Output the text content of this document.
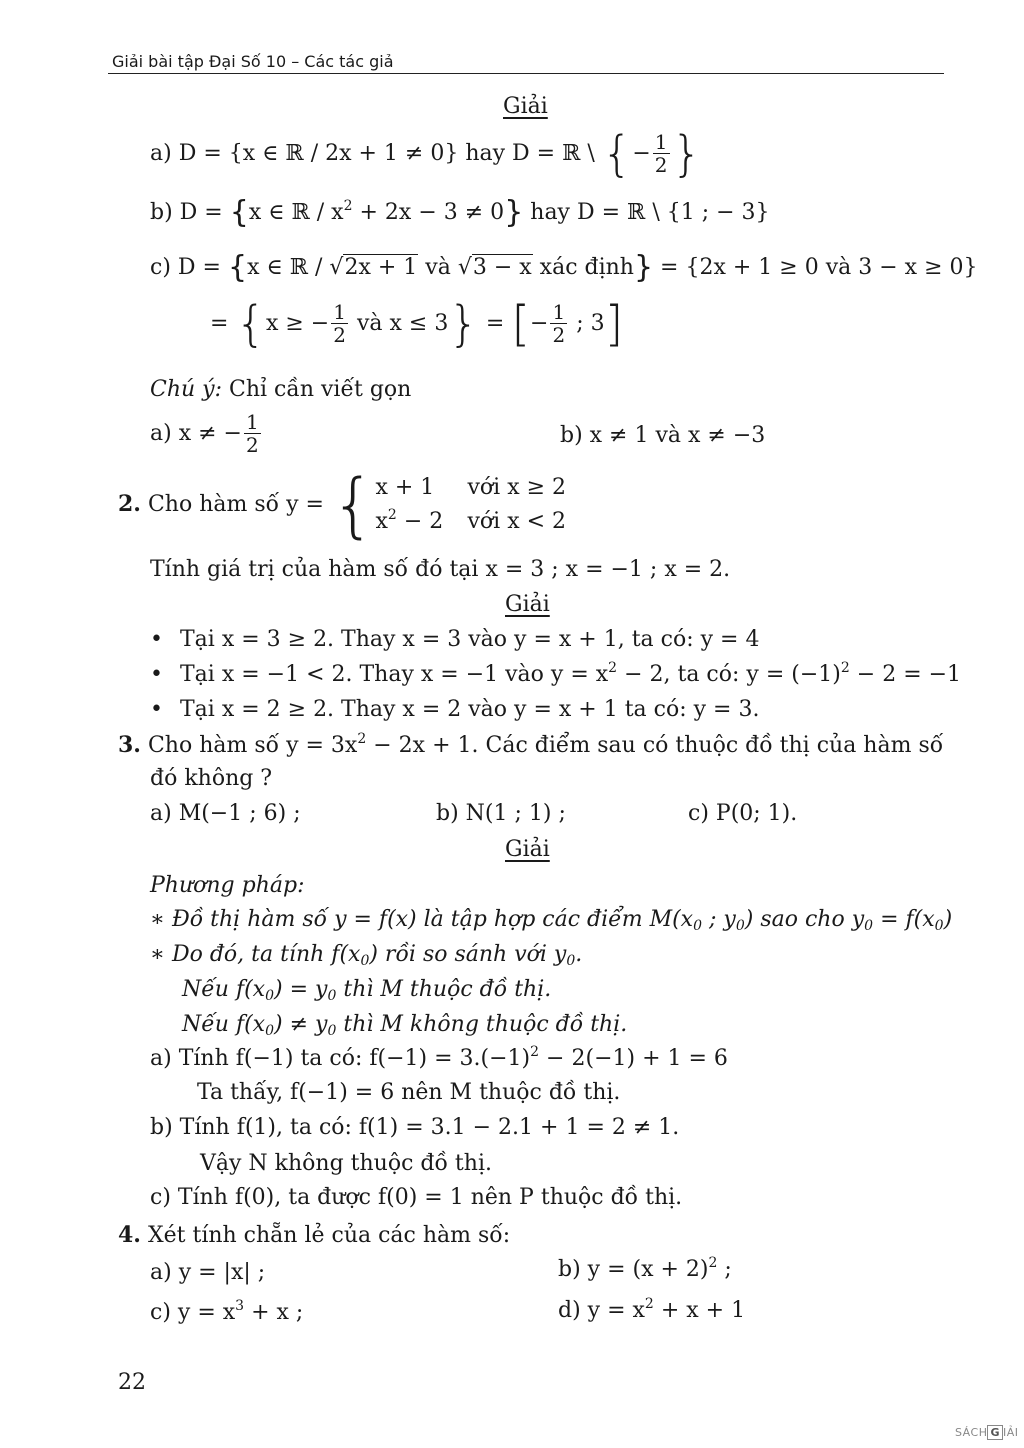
Giải bài tập Đại Số 10 – Các tác giả
Giải
a) D = {x ∈ ℝ / 2x + 1 ≠ 0} hay D = ℝ \ {− $\frac{1}{2}$ }
b) D = {x ∈ ℝ / $x^2 + 2x - 3 \ne 0$} hay D = ℝ \ {1 ; − 3}
c) D = {x ∈ ℝ / √2x + 1 và √3 − x xác định} = {2x + 1 ≥ 0 và 3 − x ≥ 0}
= {x ≥ − $\frac{1}{2}$ và x ≤ 3} = [− $\frac{1}{2}$ ; 3]
Chú ý: Chỉ cần viết gọn
a) x ≠ − $\frac{1}{2}$	b) x ≠ 1 và x ≠ −3
2. Cho hàm số y = {x + 1 với x ≥ 2
$x^2 - 2$ với x < 2
Tính giá trị của hàm số đó tại x = 3 ; x = −1 ; x = 2.
Giải
• Tại x = 3 ≥ 2. Thay x = 3 vào y = x + 1, ta có: y = 4
• Tại x = −1 < 2. Thay x = −1 vào $y = x^2 - 2$, ta có: $y = (-1)^2 - 2 = -1$
• Tại x = 2 ≥ 2. Thay x = 2 vào y = x + 1 ta có: y = 3.
3. Cho hàm số $y = 3x^2 - 2x + 1$. Các điểm sau có thuộc đồ thị của hàm số
đó không ?
a) M(−1 ; 6) ;	b) N(1 ; 1) ;	c) P(0; 1).
Giải
Phương pháp:
∗ Đồ thị hàm số y = f(x) là tập hợp các điểm $M(x_0$ ; $y_0$) sao cho $y_0 = f(x_0)$
∗ Do đó, ta tính $f(x_0)$ rồi so sánh với $y_0$.
Nếu $f(x_0) = y_0$ thì M thuộc đồ thị.
Nếu $f(x_0) \ne y_0$ thì M không thuộc đồ thị.
a) Tính f(−1) ta có: $f(-1) = 3.(-1)^2 - 2(-1) + 1 = 6$
Ta thấy, f(−1) = 6 nên M thuộc đồ thị.
b) Tính f(1), ta có: f(1) = 3.1 − 2.1 + 1 = 2 ≠ 1.
Vậy N không thuộc đồ thị.
c) Tính f(0), ta được f(0) = 1 nên P thuộc đồ thị.
4. Xét tính chẵn lẻ của các hàm số:
a) y = |x| ;	b) $y = (x + 2)^2$ ;
c) $y = x^3 + x$ ;	d) $y = x^2 + x + 1$
22
SÁCH G IẢI
